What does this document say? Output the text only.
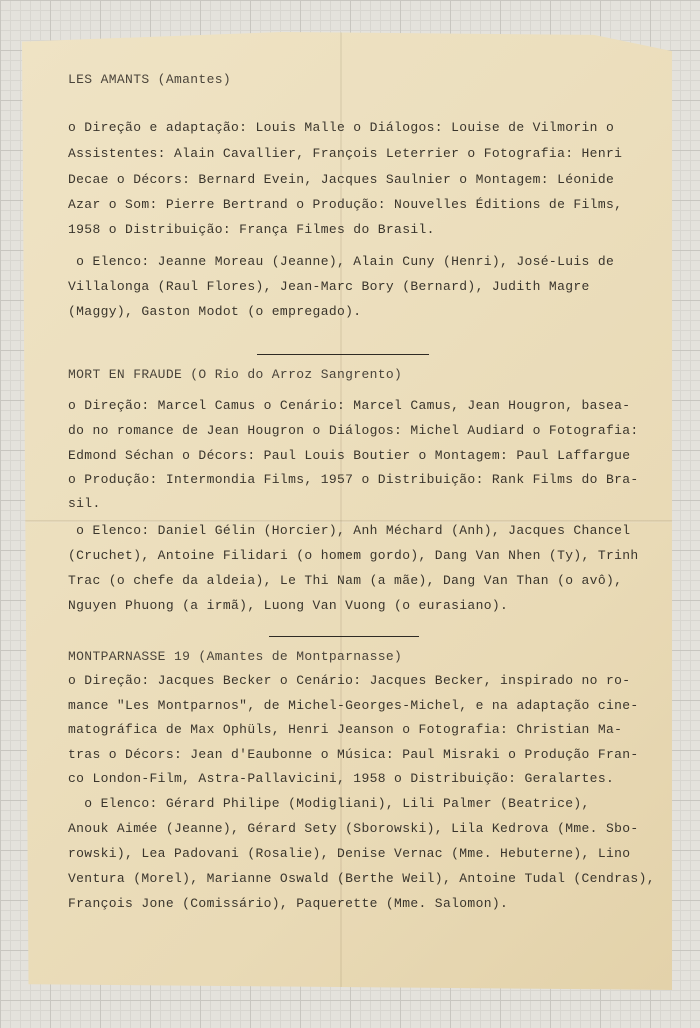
LES AMANTS (Amantes)
o Direção e adaptação: Louis Malle o Diálogos: Louise de Vilmorin o
Assistentes: Alain Cavallier, François Leterrier o Fotografia: Henri
Decae o Décors: Bernard Evein, Jacques Saulnier o Montagem: Léonide
Azar o Som: Pierre Bertrand o Produção: Nouvelles Éditions de Films,
1958 o Distribuição: França Filmes do Brasil.
o Elenco: Jeanne Moreau (Jeanne), Alain Cuny (Henri), José-Luis de
Villalonga (Raul Flores), Jean-Marc Bory (Bernard), Judith Magre
(Maggy), Gaston Modot (o empregado).
MORT EN FRAUDE (O Rio do Arroz Sangrento)
o Direção: Marcel Camus o Cenário: Marcel Camus, Jean Hougron, basea-
do no romance de Jean Hougron o Diálogos: Michel Audiard o Fotografia:
Edmond Séchan o Décors: Paul Louis Boutier o Montagem: Paul Laffargue
o Produção: Intermondia Films, 1957 o Distribuição: Rank Films do Bra-
sil.
o Elenco: Daniel Gélin (Horcier), Anh Méchard (Anh), Jacques Chancel
(Cruchet), Antoine Filidari (o homem gordo), Dang Van Nhen (Ty), Trinh
Trac (o chefe da aldeia), Le Thi Nam (a mãe), Dang Van Than (o avô),
Nguyen Phuong (a irmã), Luong Van Vuong (o eurasiano).
MONTPARNASSE 19 (Amantes de Montparnasse)
o Direção: Jacques Becker o Cenário: Jacques Becker, inspirado no ro-
mance "Les Montparnos", de Michel-Georges-Michel, e na adaptação cine-
matográfica de Max Ophüls, Henri Jeanson o Fotografia: Christian Ma-
tras o Décors: Jean d'Eaubonne o Música: Paul Misraki o Produção Fran-
co London-Film, Astra-Pallavicini, 1958 o Distribuição: Geralartes.
o Elenco: Gérard Philipe (Modigliani), Lili Palmer (Beatrice),
Anouk Aimée (Jeanne), Gérard Sety (Sborowski), Lila Kedrova (Mme. Sbo-
rowski), Lea Padovani (Rosalie), Denise Vernac (Mme. Hebuterne), Lino
Ventura (Morel), Marianne Oswald (Berthe Weil), Antoine Tudal (Cendras),
François Jone (Comissário), Paquerette (Mme. Salomon).
